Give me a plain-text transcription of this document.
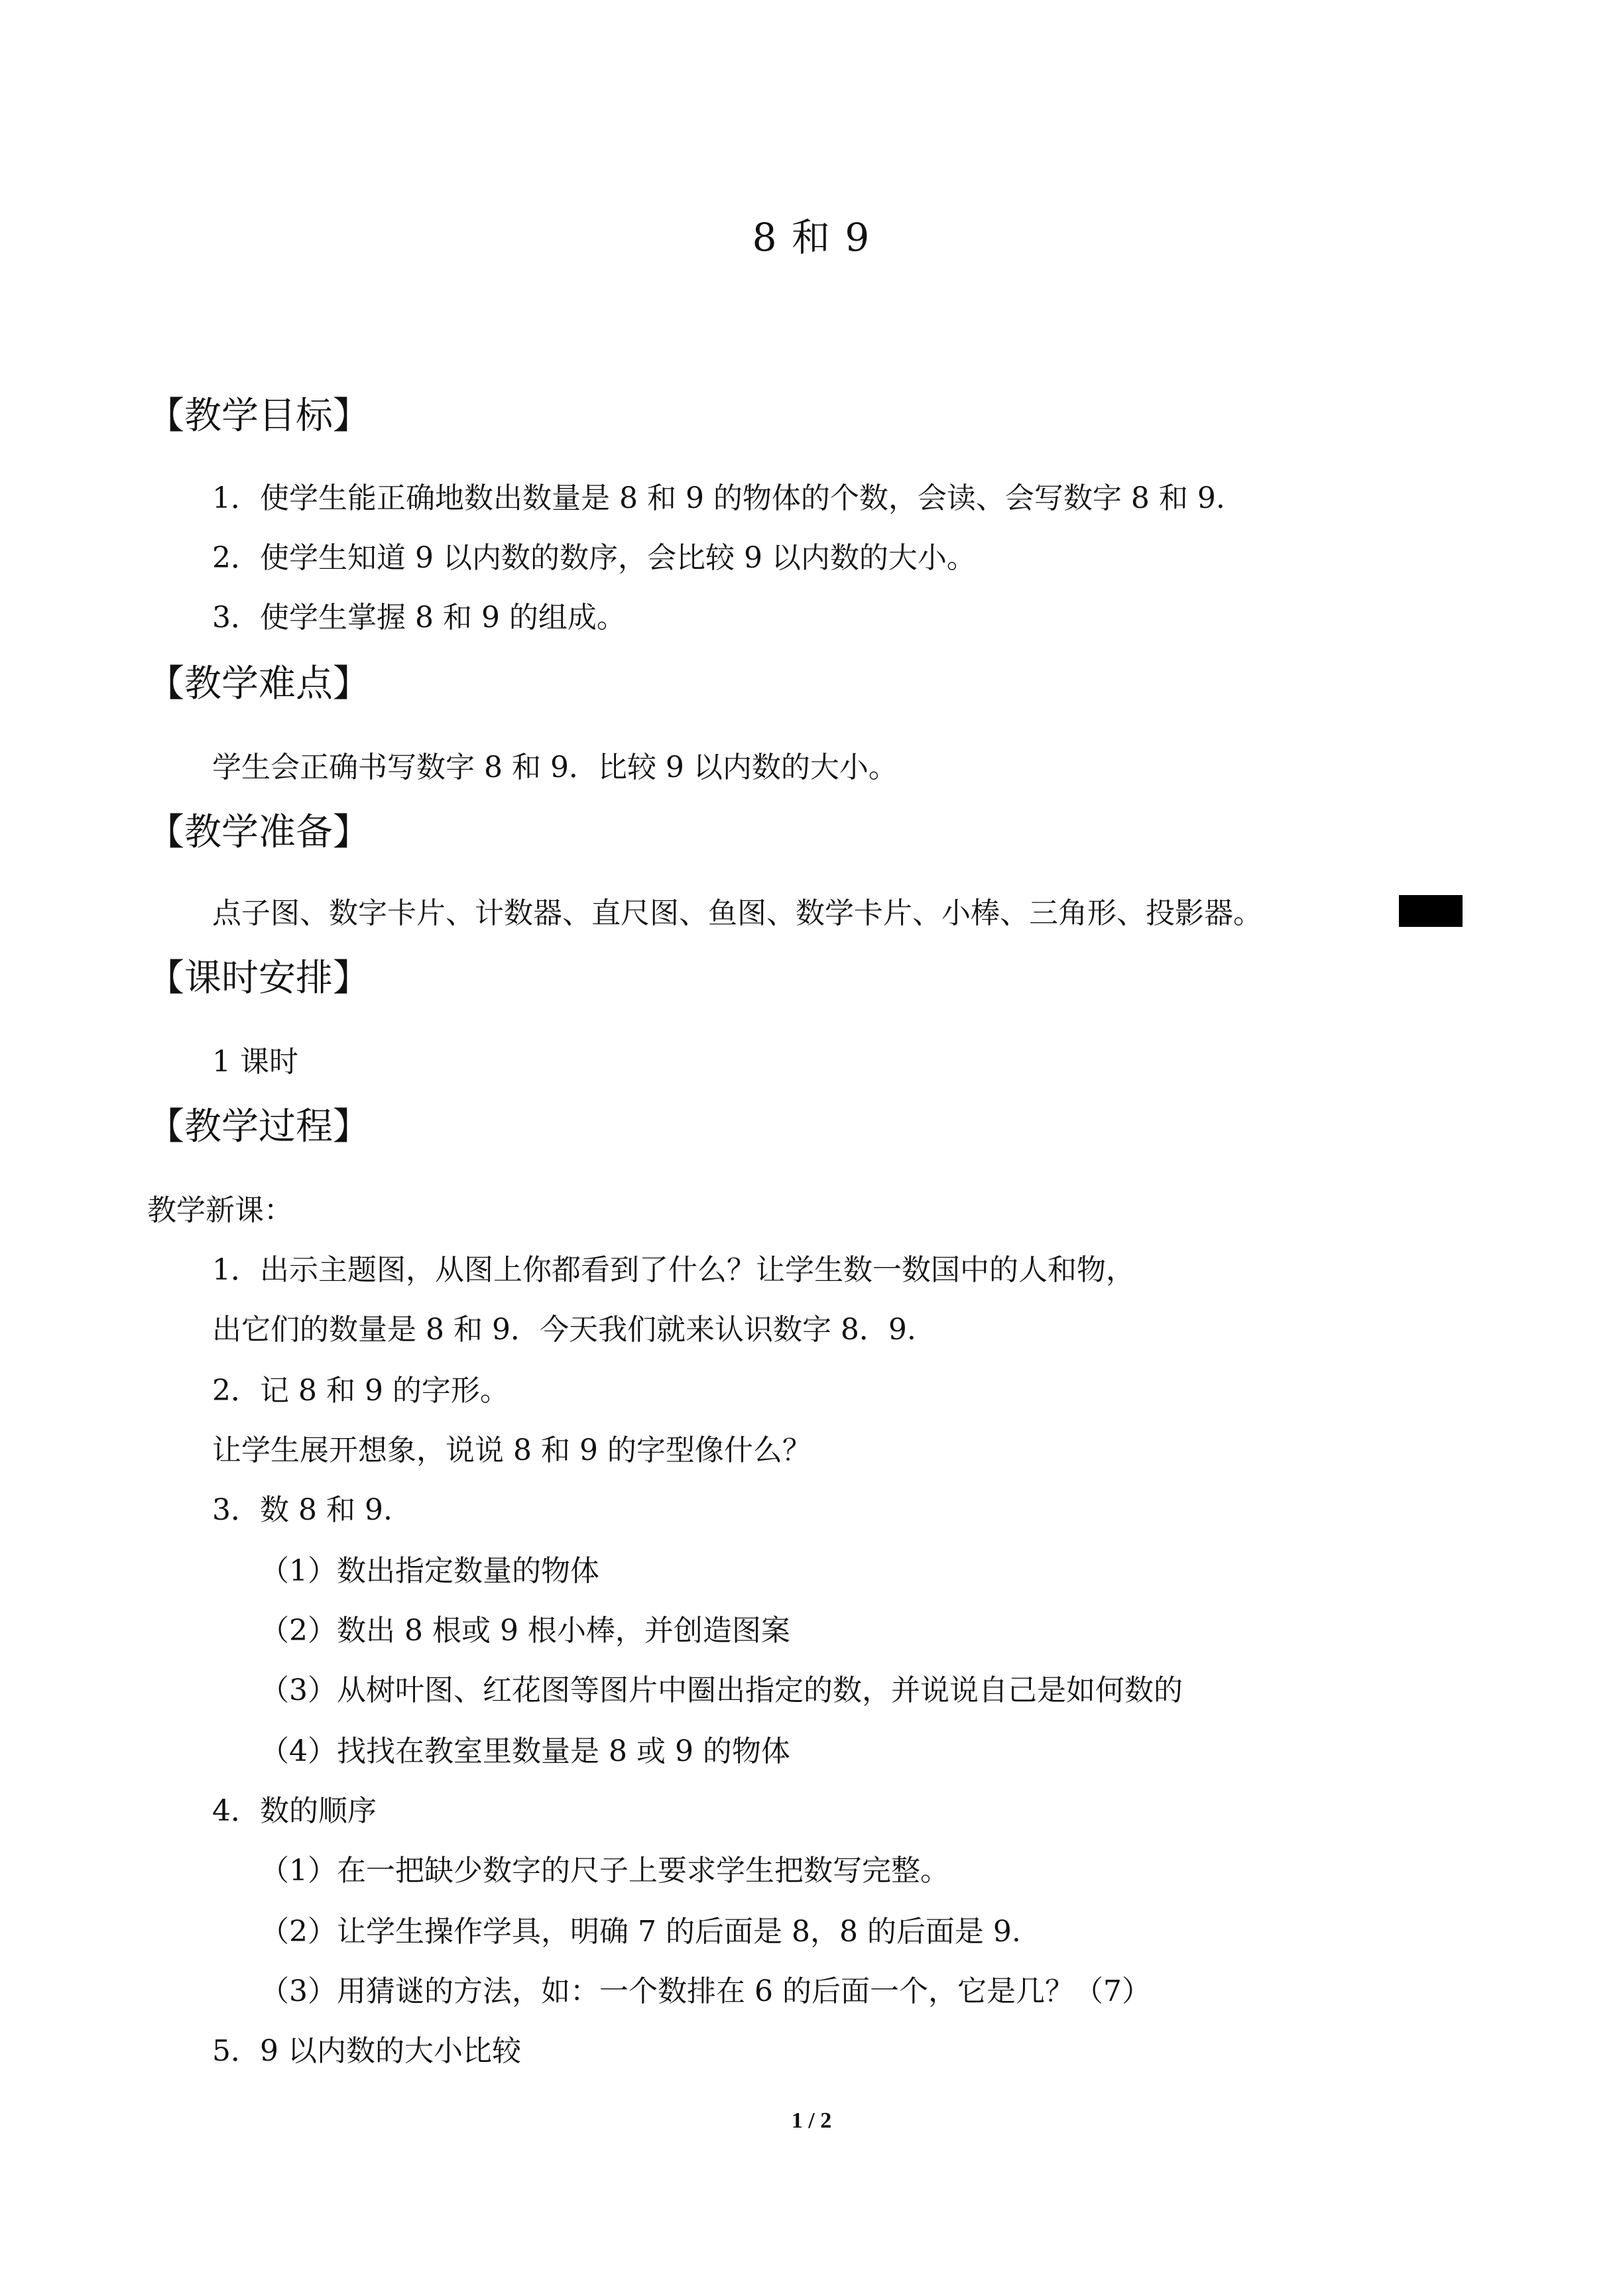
8 和 9
【教学目标】
1．使学生能正确地数出数量是 8 和 9 的物体的个数，会读、会写数字 8 和 9.
2．使学生知道 9 以内数的数序，会比较 9 以内数的大小。
3．使学生掌握 8 和 9 的组成。
【教学难点】
学生会正确书写数字 8 和 9．比较 9 以内数的大小。
【教学准备】
点子图、数字卡片、计数器、直尺图、鱼图、数学卡片、小棒、三角形、投影器。
【课时安排】
1 课时
【教学过程】
教学新课：
1．出示主题图，从图上你都看到了什么？让学生数一数国中的人和物，
出它们的数量是 8 和 9．今天我们就来认识数字 8．9.
2．记 8 和 9 的字形。
让学生展开想象，说说 8 和 9 的字型像什么？
3．数 8 和 9.
（1）数出指定数量的物体
（2）数出 8 根或 9 根小棒，并创造图案
（3）从树叶图、红花图等图片中圈出指定的数，并说说自己是如何数的
（4）找找在教室里数量是 8 或 9 的物体
4．数的顺序
（1）在一把缺少数字的尺子上要求学生把数写完整。
（2）让学生操作学具，明确 7 的后面是 8，8 的后面是 9.
（3）用猜谜的方法，如：一个数排在 6 的后面一个，它是几？（7）
5．9 以内数的大小比较
1 / 2
